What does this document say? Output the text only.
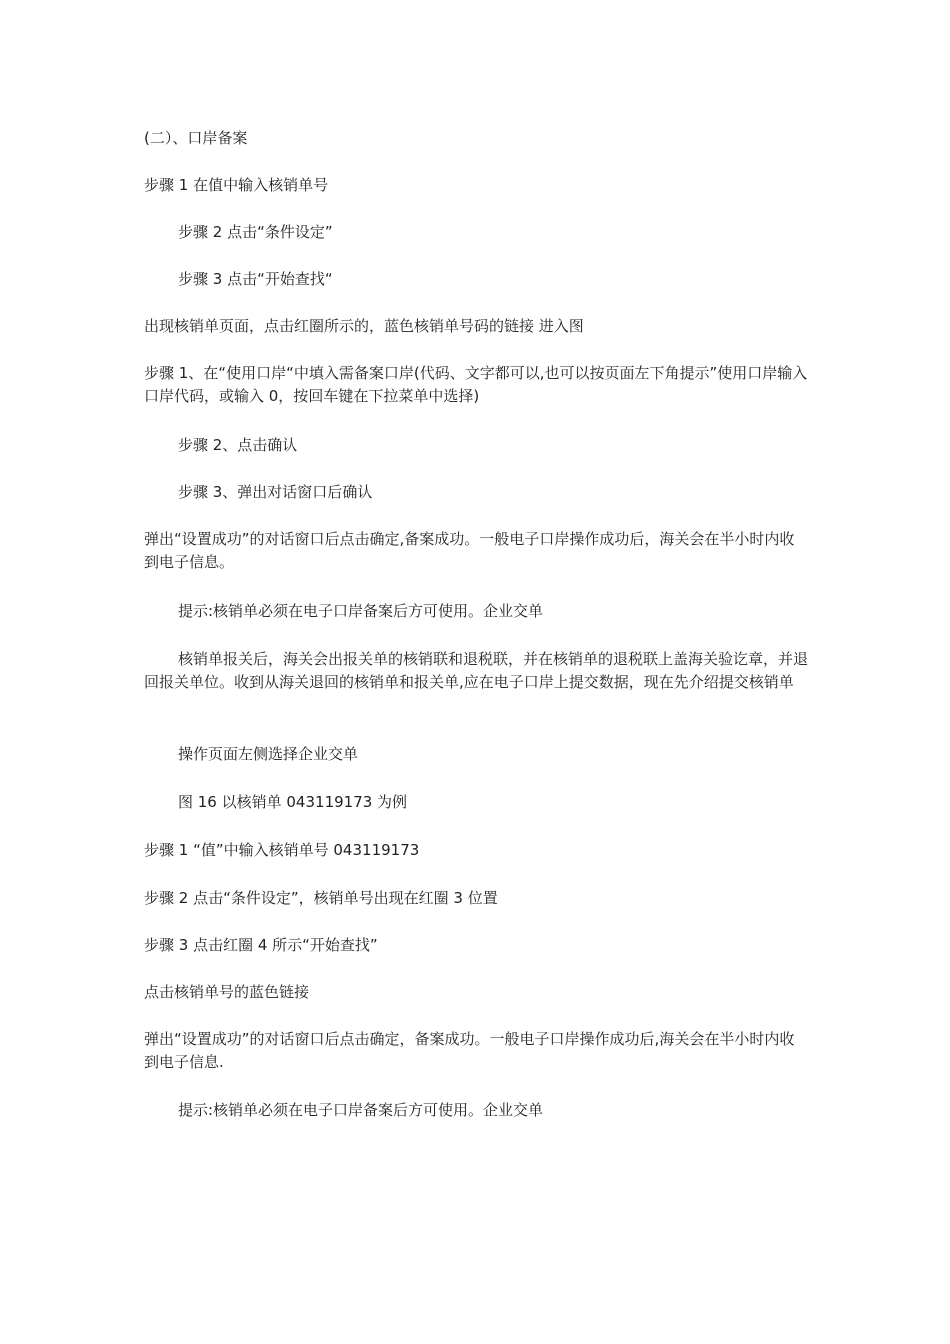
(二）、口岸备案

步骤 1 在值中输入核销单号

步骤 2 点击“条件设定”

步骤 3 点击“开始查找“

出现核销单页面，点击红圈所示的，蓝色核销单号码的链接 进入图

步骤 1、在“使用口岸“中填入需备案口岸(代码、文字都可以,也可以按页面左下角提示”使用口岸输入口岸代码，或输入 0，按回车键在下拉菜单中选择)

步骤 2、点击确认

步骤 3、弹出对话窗口后确认

弹出“设置成功”的对话窗口后点击确定,备案成功。一般电子口岸操作成功后，海关会在半小时内收到电子信息。

提示:核销单必须在电子口岸备案后方可使用。企业交单

核销单报关后，海关会出报关单的核销联和退税联，并在核销单的退税联上盖海关验讫章，并退回报关单位。收到从海关退回的核销单和报关单,应在电子口岸上提交数据，现在先介绍提交核销单

操作页面左侧选择企业交单

图 16 以核销单 043119173 为例

步骤 1 “值”中输入核销单号 043119173

步骤 2 点击“条件设定”，核销单号出现在红圈 3 位置

步骤 3 点击红圈 4 所示“开始查找”

点击核销单号的蓝色链接

弹出“设置成功”的对话窗口后点击确定，备案成功。一般电子口岸操作成功后,海关会在半小时内收到电子信息.

提示:核销单必须在电子口岸备案后方可使用。企业交单
